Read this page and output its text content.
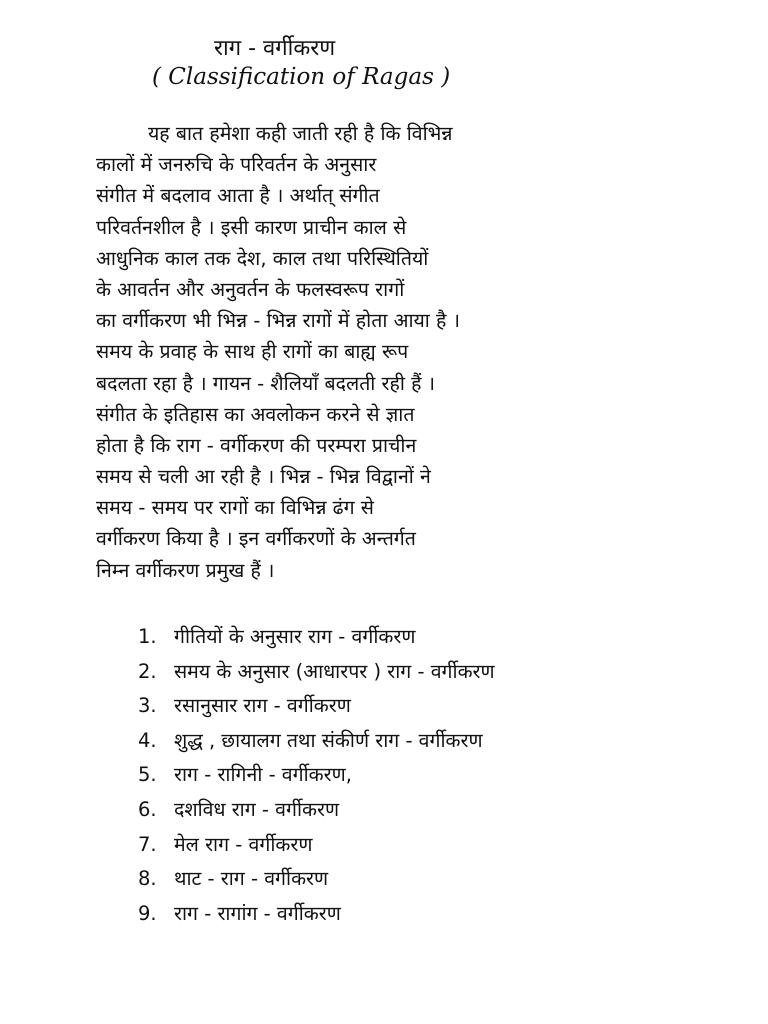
राग - वर्गीकरण
( Classification of Ragas )
यह बात हमेशा कही जाती रही है कि विभिन्न
कालों में जनरुचि के परिवर्तन के अनुसार
संगीत में बदलाव आता है । अर्थात् संगीत
परिवर्तनशील है । इसी कारण प्राचीन काल से
आधुनिक काल तक देश, काल तथा परिस्थितियों
के आवर्तन और अनुवर्तन के फलस्वरूप रागों
का वर्गीकरण भी भिन्न - भिन्न रागों में होता आया है ।
समय के प्रवाह के साथ ही रागों का बाह्य रूप
बदलता रहा है । गायन - शैलियाँ बदलती रही हैं ।
संगीत के इतिहास का अवलोकन करने से ज्ञात
होता है कि राग - वर्गीकरण की परम्परा प्राचीन
समय से चली आ रही है । भिन्न - भिन्न विद्वानों ने
समय - समय पर रागों का विभिन्न ढंग से
वर्गीकरण किया है । इन वर्गीकरणों के अन्तर्गत
निम्न वर्गीकरण प्रमुख हैं ।
1. गीतियों के अनुसार राग - वर्गीकरण
2. समय के अनुसार (आधारपर ) राग - वर्गीकरण
3. रसानुसार राग - वर्गीकरण
4. शुद्ध , छायालग तथा संकीर्ण राग - वर्गीकरण
5. राग - रागिनी - वर्गीकरण,
6. दशविध राग - वर्गीकरण
7. मेल राग - वर्गीकरण
8. थाट - राग - वर्गीकरण
9. राग - रागांग - वर्गीकरण
